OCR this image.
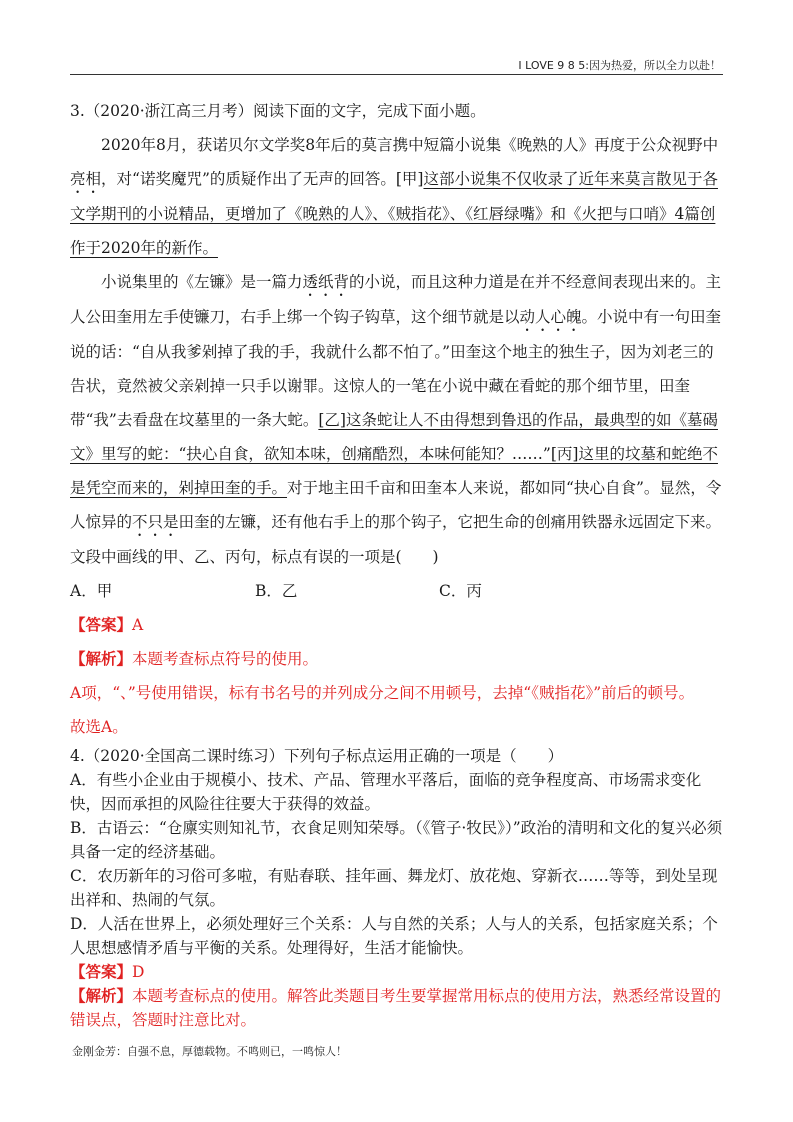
I LOVE 9 8 5:因为热爱，所以全力以赴！

3.（2020·浙江高三月考）阅读下面的文字，完成下面小题。

2020年8月，获诺贝尔文学奖8年后的莫言携中短篇小说集《晚熟的人》再度于公众视野中亮相，对“诺奖魔咒”的质疑作出了无声的回答。[甲]这部小说集不仅收录了近年来莫言散见于各文学期刊的小说精品，更增加了《晚熟的人》、《贼指花》、《红唇绿嘴》和《火把与口哨》4篇创作于2020年的新作。

小说集里的《左镰》是一篇力透纸背的小说，而且这种力道是在并不经意间表现出来的。主人公田奎用左手使镰刀，右手上绑一个钩子钩草，这个细节就是以动人心魄。小说中有一句田奎说的话：“自从我爹剁掉了我的手，我就什么都不怕了。”田奎这个地主的独生子，因为刘老三的告状，竟然被父亲剁掉一只手以谢罪。这惊人的一笔在小说中藏在看蛇的那个细节里，田奎带“我”去看盘在坟墓里的一条大蛇。[乙]这条蛇让人不由得想到鲁迅的作品，最典型的如《墓碣文》里写的蛇：“抉心自食，欲知本味，创痛酷烈，本味何能知？……”[丙]这里的坟墓和蛇绝不是凭空而来的，剁掉田奎的手。对于地主田千亩和田奎本人来说，都如同“抉心自食”。显然，令人惊异的不只是田奎的左镰，还有他右手上的那个钩子，它把生命的创痛用铁器永远固定下来。

文段中画线的甲、乙、丙句，标点有误的一项是(　　)

A．甲	B．乙	C．丙

【答案】A

【解析】本题考查标点符号的使用。

A项，“、”号使用错误，标有书名号的并列成分之间不用顿号，去掉“《贼指花》”前后的顿号。

故选A。

4.（2020·全国高二课时练习）下列句子标点运用正确的一项是（　　）

A．有些小企业由于规模小、技术、产品、管理水平落后，面临的竞争程度高、市场需求变化快，因而承担的风险往往要大于获得的效益。

B．古语云：“仓廪实则知礼节，衣食足则知荣辱。（《管子·牧民》）”政治的清明和文化的复兴必须具备一定的经济基础。

C．农历新年的习俗可多啦，有贴春联、挂年画、舞龙灯、放花炮、穿新衣……等等，到处呈现出祥和、热闹的气氛。

D．人活在世界上，必须处理好三个关系：人与自然的关系；人与人的关系，包括家庭关系；个人思想感情矛盾与平衡的关系。处理得好，生活才能愉快。

【答案】D

【解析】本题考查标点的使用。解答此类题目考生要掌握常用标点的使用方法，熟悉经常设置的错误点，答题时注意比对。

金刚金芳：自强不息，厚德载物。不鸣则已，一鸣惊人！
